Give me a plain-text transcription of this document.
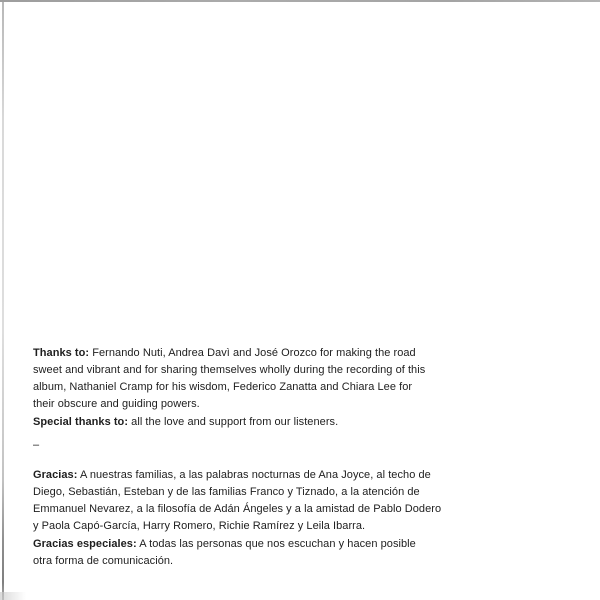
Thanks to: Fernando Nuti, Andrea Davì and José Orozco for making the road
sweet and vibrant and for sharing themselves wholly during the recording of this
album, Nathaniel Cramp for his wisdom, Federico Zanatta and Chiara Lee for
their obscure and guiding powers.

Special thanks to: all the love and support from our listeners.

–

Gracias: A nuestras familias, a las palabras nocturnas de Ana Joyce, al techo de
Diego, Sebastián, Esteban y de las familias Franco y Tiznado, a la atención de
Emmanuel Nevarez, a la filosofía de Adán Ángeles y a la amistad de Pablo Dodero
y Paola Capó-García, Harry Romero, Richie Ramírez y Leila Ibarra.

Gracias especiales: A todas las personas que nos escuchan y hacen posible
otra forma de comunicación.
